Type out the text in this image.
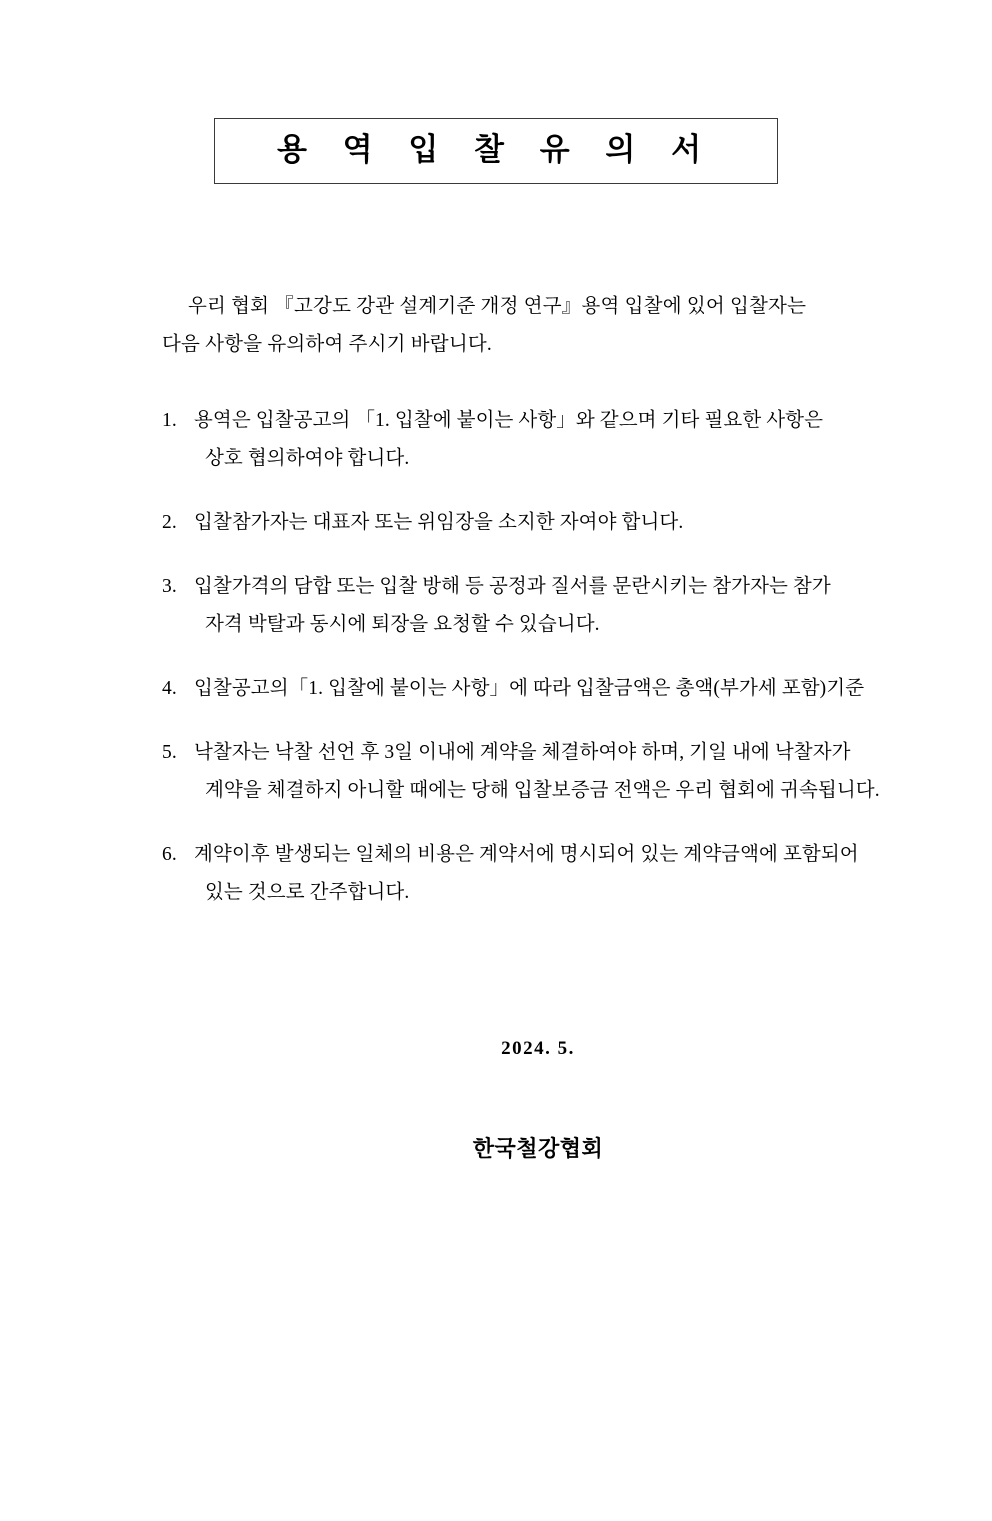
용 역 입 찰 유 의 서
우리 협회 『고강도 강관 설계기준 개정 연구』용역 입찰에 있어 입찰자는
다음 사항을 유의하여 주시기 바랍니다.
1. 용역은 입찰공고의 「1. 입찰에 붙이는 사항」와 같으며 기타 필요한 사항은
상호 협의하여야 합니다.
2. 입찰참가자는 대표자 또는 위임장을 소지한 자여야 합니다.
3. 입찰가격의 담합 또는 입찰 방해 등 공정과 질서를 문란시키는 참가자는 참가
자격 박탈과 동시에 퇴장을 요청할 수 있습니다.
4. 입찰공고의「1. 입찰에 붙이는 사항」에 따라 입찰금액은 총액(부가세 포함)기준
5. 낙찰자는 낙찰 선언 후 3일 이내에 계약을 체결하여야 하며, 기일 내에 낙찰자가
계약을 체결하지 아니할 때에는 당해 입찰보증금 전액은 우리 협회에 귀속됩니다.
6. 계약이후 발생되는 일체의 비용은 계약서에 명시되어 있는 계약금액에 포함되어
있는 것으로 간주합니다.
2024. 5.
한국철강협회
